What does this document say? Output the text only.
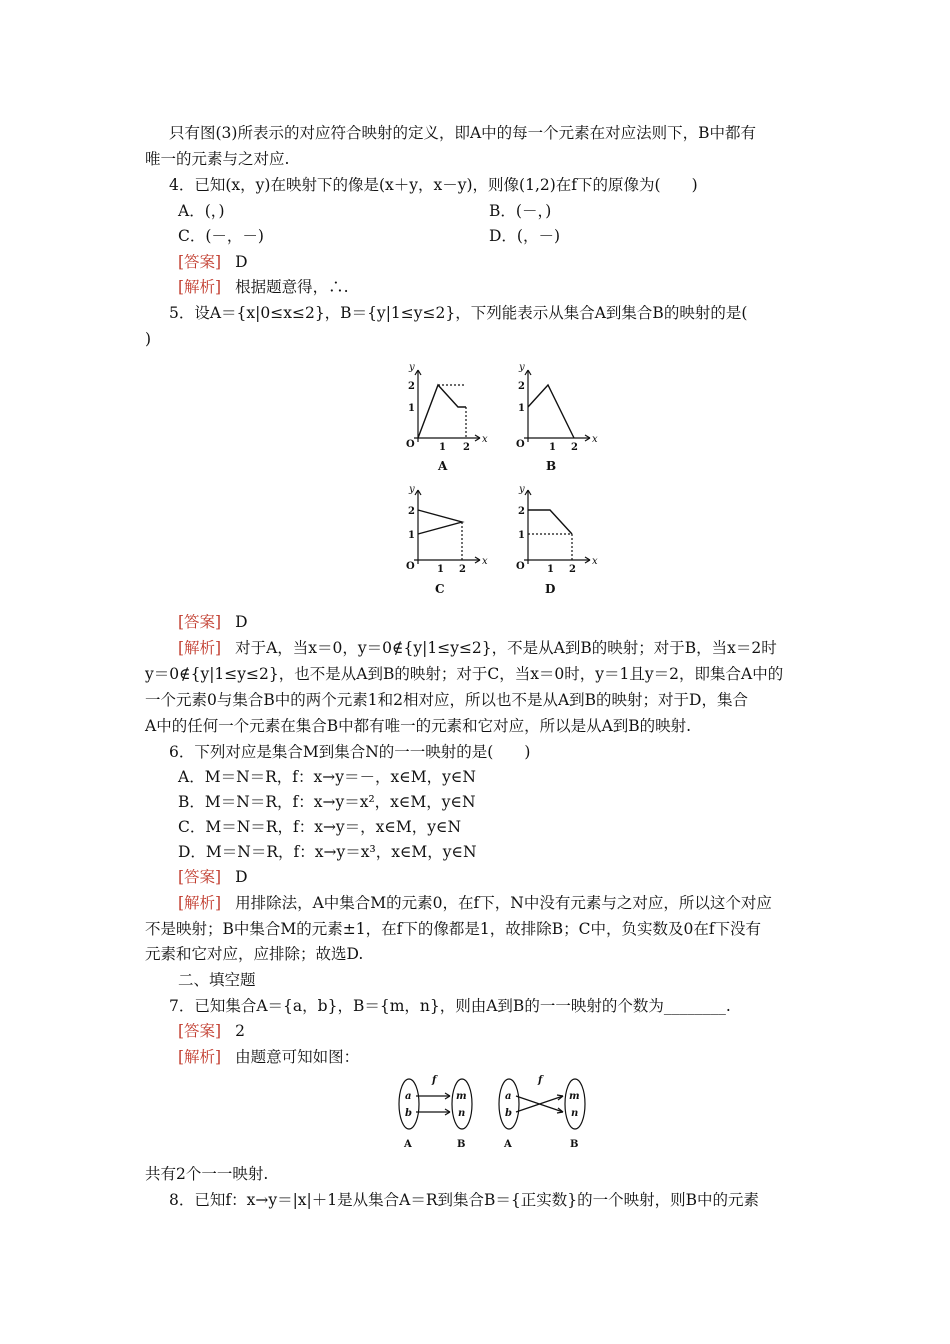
只有图(3)所表示的对应符合映射的定义，即A中的每一个元素在对应法则下，B中都有
唯一的元素与之对应.
4．已知(x，y)在映射下的像是(x＋y，x－y)，则像(1,2)在f下的原像为(　　)
A．(，)	B．(－，)
C．(－，－)	D．(，－)
[答案] D
[解析] 根据题意得，∴.
5．设A＝{x|0≤x≤2}，B＝{y|1≤y≤2}，下列能表示从集合A到集合B的映射的是(
)
y
x
y
x
y
x
y
x
O	O
O	O
2
1
1 2
2
1
1 2
2
1
1 2
2
1
1 2
A	B
C	D
[答案] D
[解析] 对于A，当x＝0，y＝0∉{y|1≤y≤2}，不是从A到B的映射；对于B，当x＝2时
y＝0∉{y|1≤y≤2}，也不是从A到B的映射；对于C，当x＝0时，y＝1且y＝2，即集合A中的
一个元素0与集合B中的两个元素1和2相对应，所以也不是从A到B的映射；对于D，集合
A中的任何一个元素在集合B中都有唯一的元素和它对应，所以是从A到B的映射.
6．下列对应是集合M到集合N的一一映射的是(　　)
A．M＝N＝R，f：x→y＝－，x∈M，y∈N
B．M＝N＝R，f：x→y＝x²，x∈M，y∈N
C．M＝N＝R，f：x→y＝，x∈M，y∈N
D．M＝N＝R，f：x→y＝x³，x∈M，y∈N
[答案] D
[解析] 用排除法，A中集合M的元素0，在f下，N中没有元素与之对应，所以这个对应
不是映射；B中集合M的元素±1，在f下的像都是1，故排除B；C中，负实数及0在f下没有
元素和它对应，应排除；故选D.
二、填空题
7．已知集合A＝{a，b}，B＝{m，n}，则由A到B的一一映射的个数为________.
[答案] 2
[解析] 由题意可知如图：
f	f
a
b
m
n
a
b
m
n
A	B	A	B
共有2个一一映射.
8．已知f：x→y＝|x|＋1是从集合A＝R到集合B＝{正实数}的一个映射，则B中的元素
